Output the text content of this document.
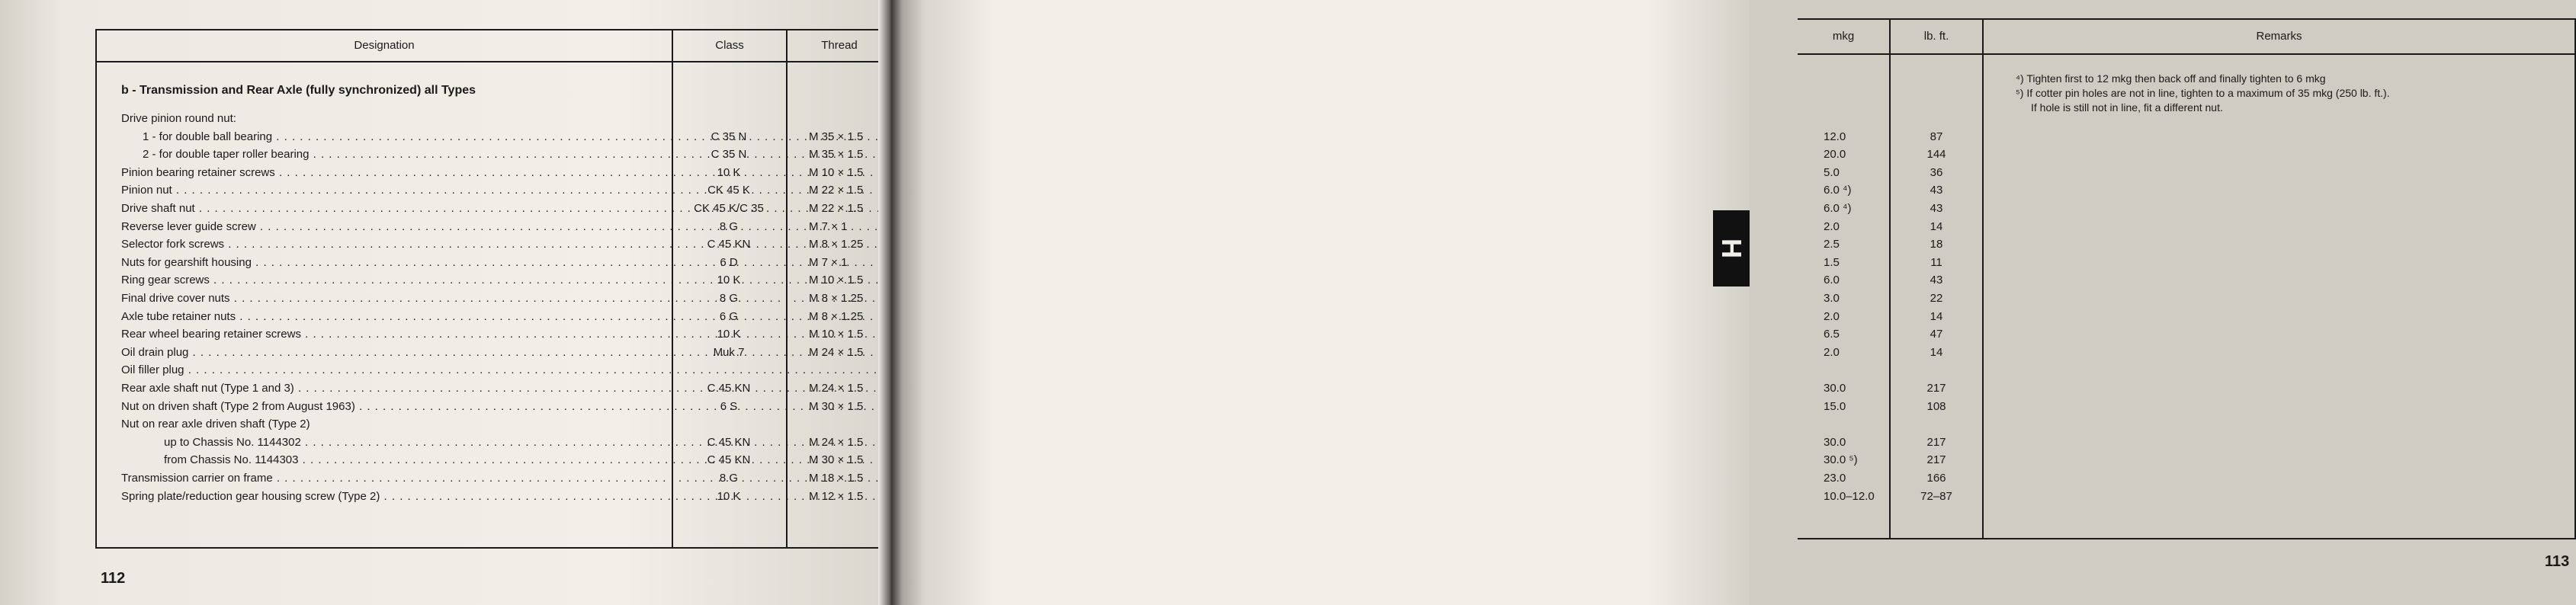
Designation	Class	Thread
b - Transmission and Rear Axle (fully synchronized) all Types
Drive pinion round nut:
1 - for double ball bearing . . .	C 35 N	M 35 × 1.5
2 - for double taper roller bearing . . .	C 35 N	M 35 × 1.5
Pinion bearing retainer screws . . .	10 K	M 10 × 1.5
Pinion nut . . .	CK 45 K	M 22 × 1.5
Drive shaft nut . . .	CK 45 K/C 35	M 22 × 1.5
Reverse lever guide screw . . .	8 G	M 7 × 1
Selector fork screws . . .	C 45 KN	M 8 × 1.25
Nuts for gearshift housing . . .	6 D	M 7 × 1
Ring gear screws . . .	10 K	M 10 × 1.5
Final drive cover nuts . . .	8 G	M 8 × 1.25
Axle tube retainer nuts . . .	6 G	M 8 × 1.25
Rear wheel bearing retainer screws . . .	10 K	M 10 × 1.5
Oil drain plug . . .	Muk 7	M 24 × 1.5
Oil filler plug . . .
Rear axle shaft nut (Type 1 and 3) . . .	C 45 KN	M 24 × 1.5
Nut on driven shaft (Type 2 from August 1963) . . .	6 S	M 30 × 1.5
Nut on rear axle driven shaft (Type 2)
up to Chassis No. 1144302 . . .	C 45 KN	M 24 × 1.5
from Chassis No. 1144303 . . .	C 45 KN	M 30 × 1.5
Transmission carrier on frame . . .	8 G	M 18 × 1.5
Spring plate/reduction gear housing screw (Type 2) . . .	10 K	M 12 × 1.5
112
mkg	lb. ft.	Remarks

⁴) Tighten first to 12 mkg then back off and finally tighten to 6 mkg

⁵) If cotter pin holes are not in line, tighten to a maximum of 35 mkg (250 lb. ft.).

If hole is still not in line, fit a different nut.

12.0	87
20.0	144
5.0	36
6.0 ⁴)	43
6.0 ⁴)	43
2.0	14
2.5	18
1.5	11
6.0	43
3.0	22
2.0	14
6.5	47
2.0	14
30.0	217
15.0	108
30.0	217
30.0 ⁵)	217
23.0	166
10.0–12.0	72–87
113
H
